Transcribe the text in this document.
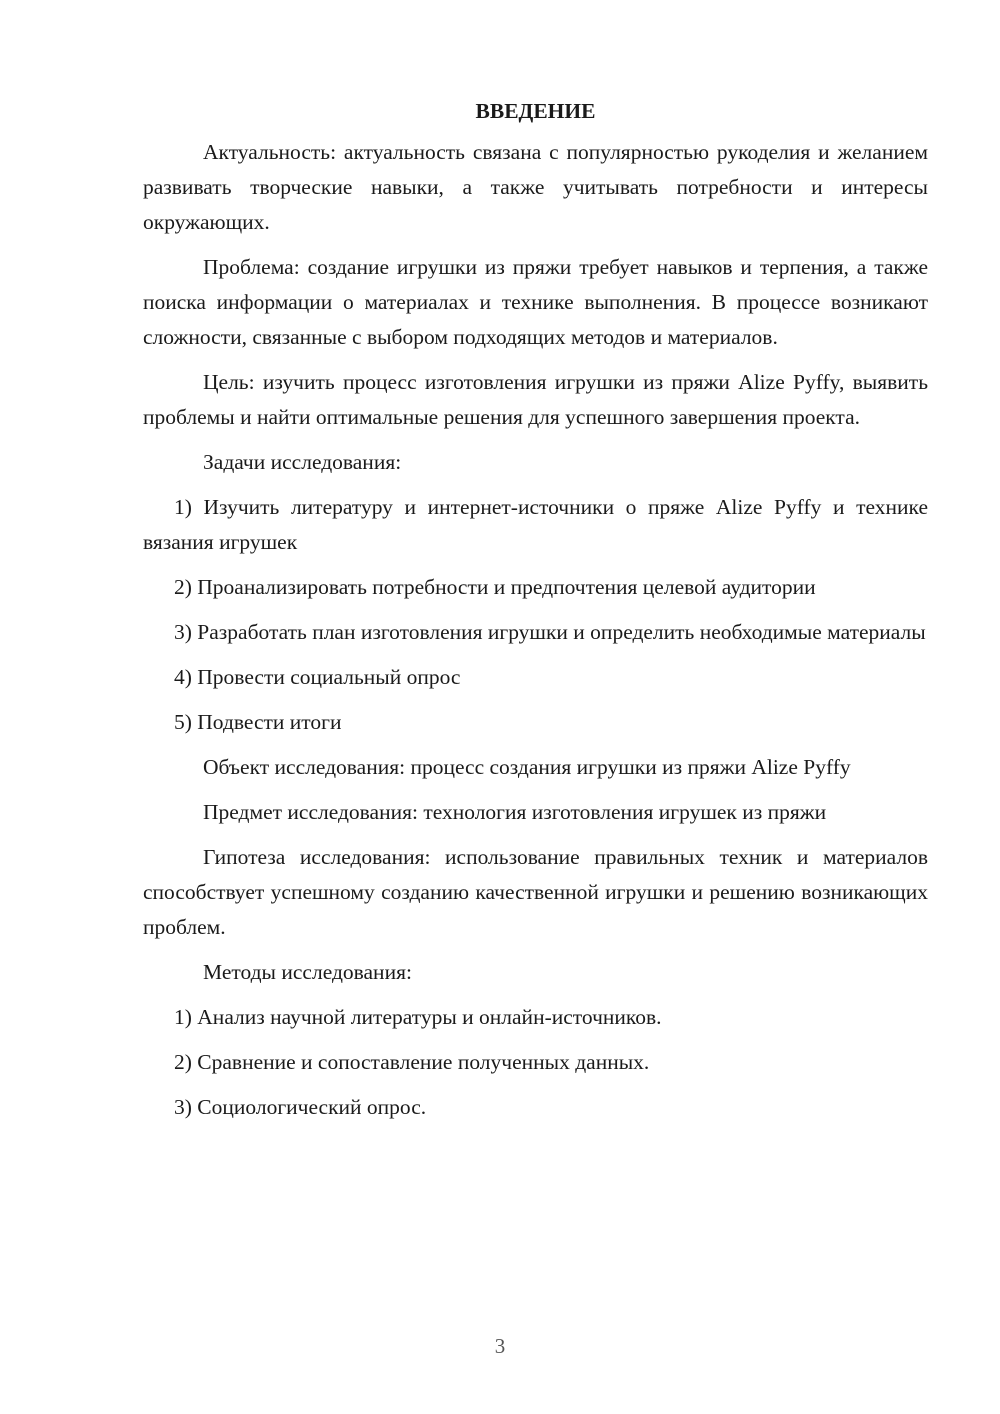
ВВЕДЕНИЕ

Актуальность: актуальность связана с популярностью рукоделия и желанием развивать творческие навыки, а также учитывать потребности и интересы окружающих.

Проблема: создание игрушки из пряжи требует навыков и терпения, а также поиска информации о материалах и технике выполнения. В процессе возникают сложности, связанные с выбором подходящих методов и материалов.

Цель: изучить процесс изготовления игрушки из пряжи Alize Pyffy, выявить проблемы и найти оптимальные решения для успешного завершения проекта.

Задачи исследования:

1) Изучить литературу и интернет-источники о пряже Alize Pyffy и технике вязания игрушек

2) Проанализировать потребности и предпочтения целевой аудитории

3) Разработать план изготовления игрушки и определить необходимые материалы

4) Провести социальный опрос

5) Подвести итоги

Объект исследования: процесс создания игрушки из пряжи Alize Pyffy

Предмет исследования: технология изготовления игрушек из пряжи

Гипотеза исследования: использование правильных техник и материалов способствует успешному созданию качественной игрушки и решению возникающих проблем.

Методы исследования:

1) Анализ научной литературы и онлайн-источников.

2) Сравнение и сопоставление полученных данных.

3) Социологический опрос.

3
